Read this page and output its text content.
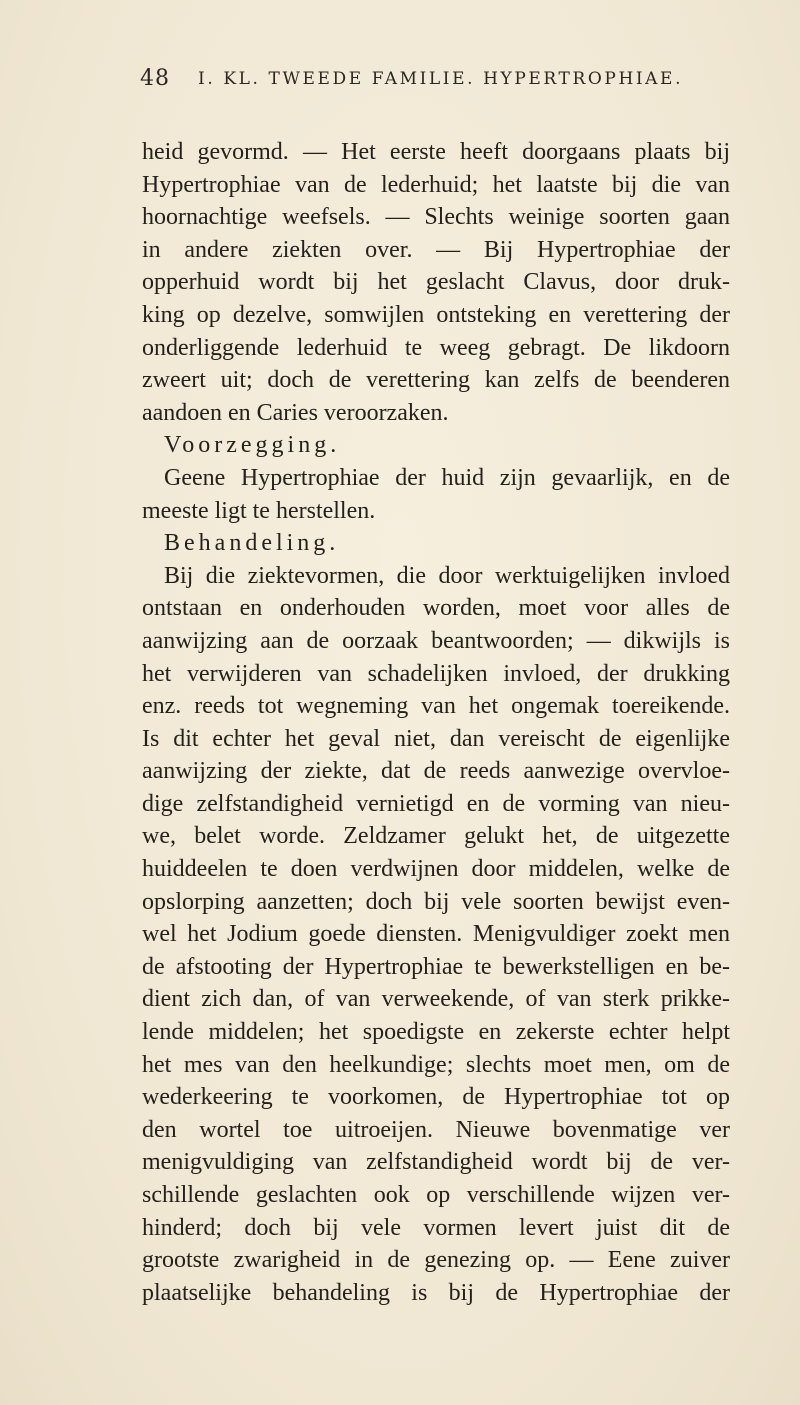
48 I. KL. TWEEDE FAMILIE. HYPERTROPHIAE.
heid gevormd. — Het eerste heeft doorgaans plaats bij
Hypertrophiae van de lederhuid; het laatste bij die van
hoornachtige weefsels. — Slechts weinige soorten gaan
in andere ziekten over. — Bij Hypertrophiae der
opperhuid wordt bij het geslacht Clavus, door druk-
king op dezelve, somwijlen ontsteking en verettering der
onderliggende lederhuid te weeg gebragt. De likdoorn
zweert uit; doch de verettering kan zelfs de beenderen
aandoen en Caries veroorzaken.
Voorzegging.
Geene Hypertrophiae der huid zijn gevaarlijk, en de
meeste ligt te herstellen.
Behandeling.
Bij die ziektevormen, die door werktuigelijken invloed
ontstaan en onderhouden worden, moet voor alles de
aanwijzing aan de oorzaak beantwoorden; — dikwijls is
het verwijderen van schadelijken invloed, der drukking
enz. reeds tot wegneming van het ongemak toereikende.
Is dit echter het geval niet, dan vereischt de eigenlijke
aanwijzing der ziekte, dat de reeds aanwezige overvloe-
dige zelfstandigheid vernietigd en de vorming van nieu-
we, belet worde. Zeldzamer gelukt het, de uitgezette
huiddeelen te doen verdwijnen door middelen, welke de
opslorping aanzetten; doch bij vele soorten bewijst even-
wel het Jodium goede diensten. Menigvuldiger zoekt men
de afstooting der Hypertrophiae te bewerkstelligen en be-
dient zich dan, of van verweekende, of van sterk prikke-
lende middelen; het spoedigste en zekerste echter helpt
het mes van den heelkundige; slechts moet men, om de
wederkeering te voorkomen, de Hypertrophiae tot op
den wortel toe uitroeijen. Nieuwe bovenmatige ver
menigvuldiging van zelfstandigheid wordt bij de ver-
schillende geslachten ook op verschillende wijzen ver-
hinderd; doch bij vele vormen levert juist dit de
grootste zwarigheid in de genezing op. — Eene zuiver
plaatselijke behandeling is bij de Hypertrophiae der
